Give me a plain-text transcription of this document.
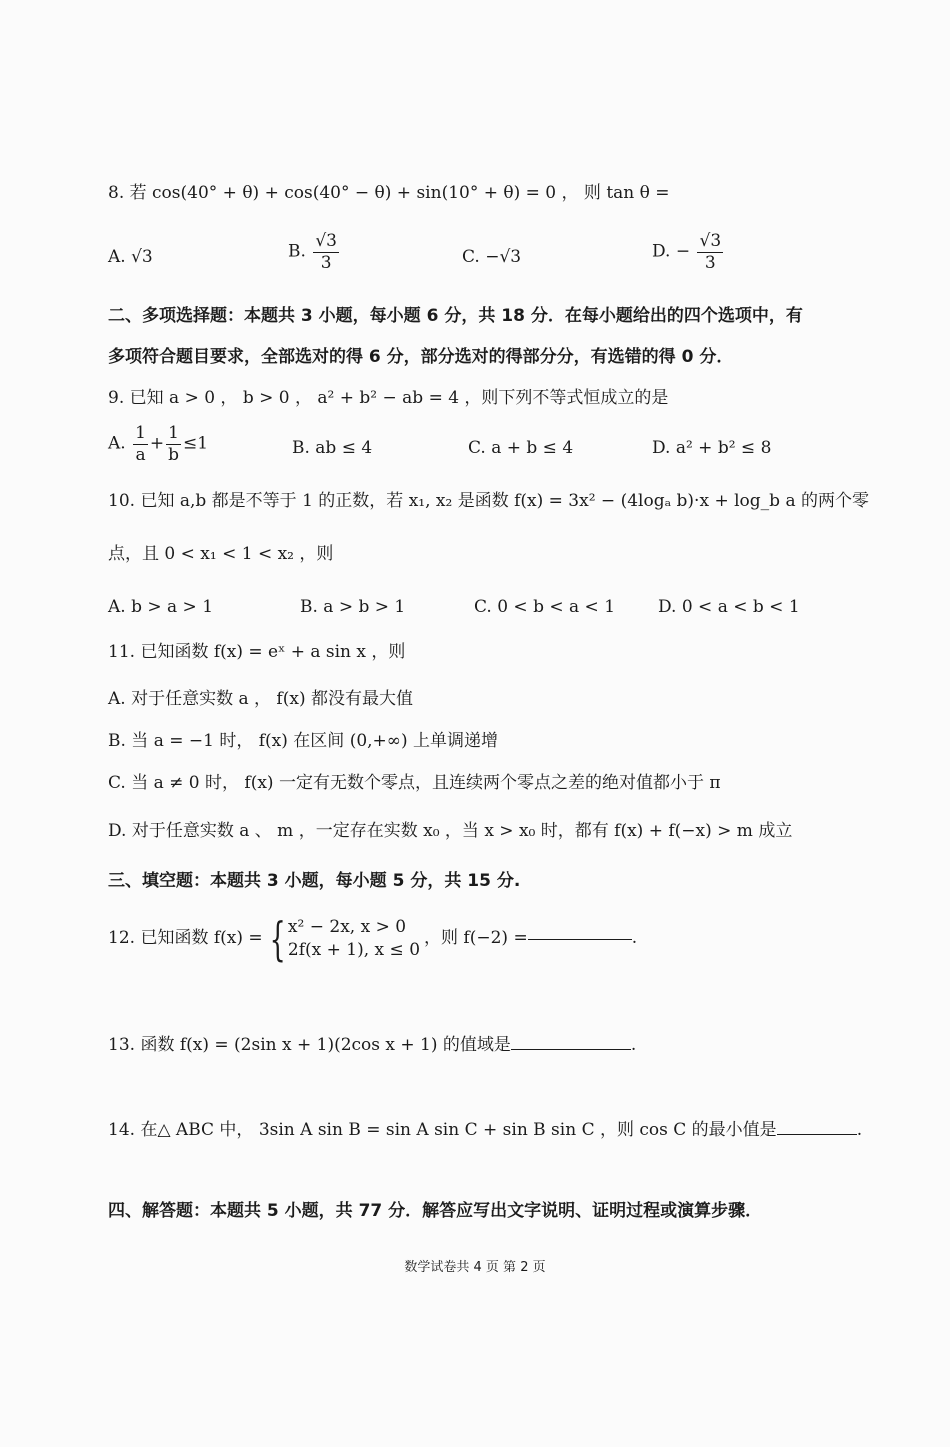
8. 若 cos(40° + θ) + cos(40° − θ) + sin(10° + θ) = 0 ， 则 tan θ =
A. √3	B. $\frac{√3}{3}$	C. −√3	D. − $\frac{√3}{3}$
二、多项选择题：本题共 3 小题，每小题 6 分，共 18 分．在每小题给出的四个选项中，有
多项符合题目要求，全部选对的得 6 分，部分选对的得部分分，有选错的得 0 分．
9. 已知 a > 0 ， b > 0 ， a² + b² − ab = 4 ，则下列不等式恒成立的是
A. $\frac{1}{a} + \frac{1}{b} \le 1$	B. ab ≤ 4	C. a + b ≤ 4	D. a² + b² ≤ 8
10. 已知 a,b 都是不等于 1 的正数，若 x₁, x₂ 是函数 f(x) = 3x² − (4logₐ b)·x + log_b a 的两个零
点，且 0 < x₁ < 1 < x₂ ，则
A. b > a > 1	B. a > b > 1	C. 0 < b < a < 1	D. 0 < a < b < 1
11. 已知函数 f(x) = eˣ + a sin x ，则
A. 对于任意实数 a ， f(x) 都没有最大值
B. 当 a = −1 时， f(x) 在区间 (0,+∞) 上单调递增
C. 当 a ≠ 0 时， f(x) 一定有无数个零点，且连续两个零点之差的绝对值都小于 π
D. 对于任意实数 a 、 m ，一定存在实数 x₀ ，当 x > x₀ 时，都有 f(x) + f(−x) > m 成立
三、填空题：本题共 3 小题，每小题 5 分，共 15 分.
12. 已知函数 f(x) = { x² − 2x, x > 0
2f(x + 1), x ≤ 0
，则 f(−2) =	.
13. 函数 f(x) = (2sin x + 1)(2cos x + 1) 的值域是	.
14. 在△ ABC 中， 3sin A sin B = sin A sin C + sin B sin C ，则 cos C 的最小值是	.
四、解答题：本题共 5 小题，共 77 分．解答应写出文字说明、证明过程或演算步骤．
数学试卷共 4 页 第 2 页
